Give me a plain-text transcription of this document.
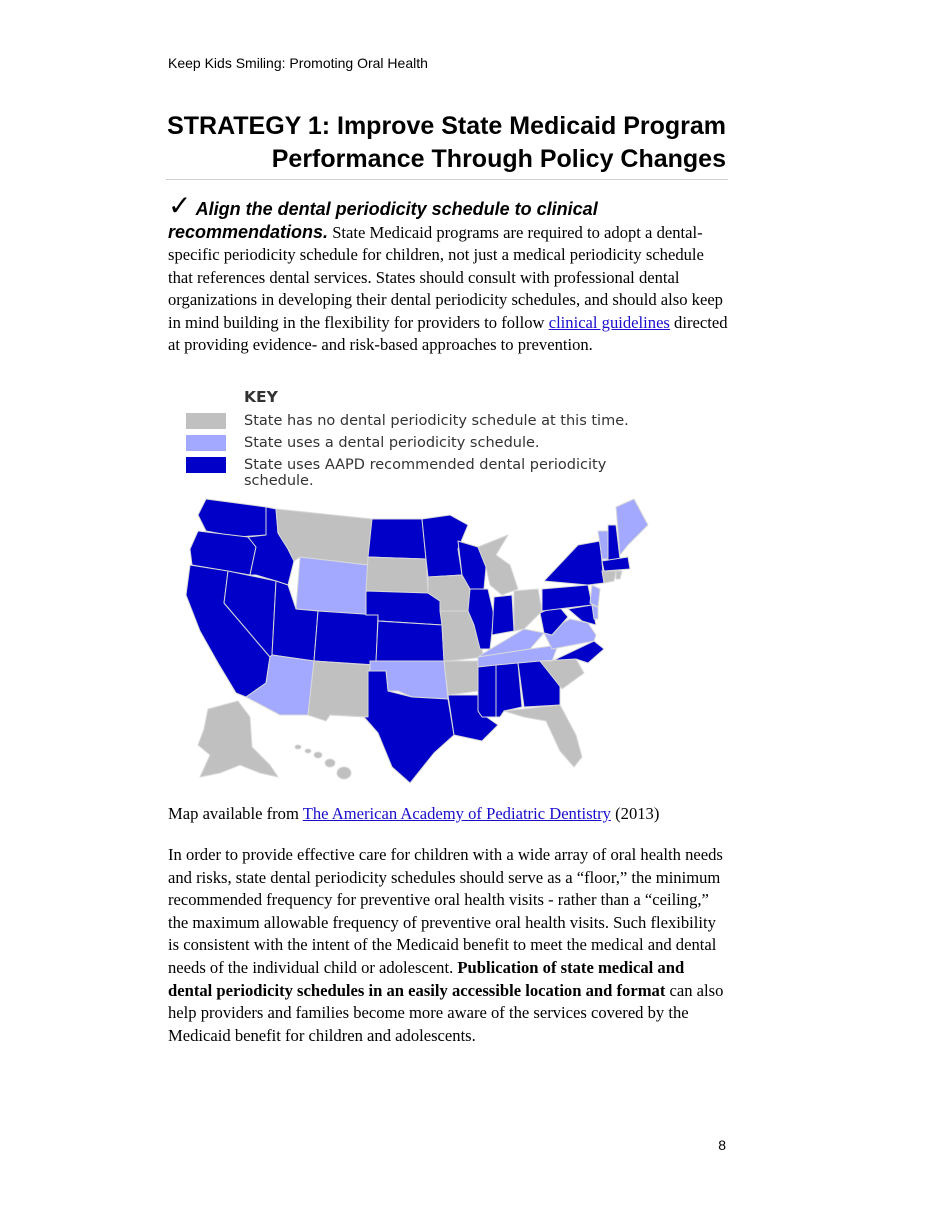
Keep Kids Smiling: Promoting Oral Health
STRATEGY 1: Improve State Medicaid Program
Performance Through Policy Changes
✓ Align the dental periodicity schedule to clinical
recommendations. State Medicaid programs are required to adopt a dental-specific periodicity schedule for children, not just a medical periodicity schedule that references dental services. States should consult with professional dental organizations in developing their dental periodicity schedules, and should also keep in mind building in the flexibility for providers to follow clinical guidelines directed at providing evidence- and risk-based approaches to prevention.
KEY
State has no dental periodicity schedule at this time.
State uses a dental periodicity schedule.
State uses AAPD recommended dental periodicity schedule.
Map available from The American Academy of Pediatric Dentistry (2013)
In order to provide effective care for children with a wide array of oral health needs and risks, state dental periodicity schedules should serve as a “floor,” the minimum recommended frequency for preventive oral health visits - rather than a “ceiling,” the maximum allowable frequency of preventive oral health visits. Such flexibility is consistent with the intent of the Medicaid benefit to meet the medical and dental needs of the individual child or adolescent. Publication of state medical and dental periodicity schedules in an easily accessible location and format can also help providers and families become more aware of the services covered by the Medicaid benefit for children and adolescents.
8
